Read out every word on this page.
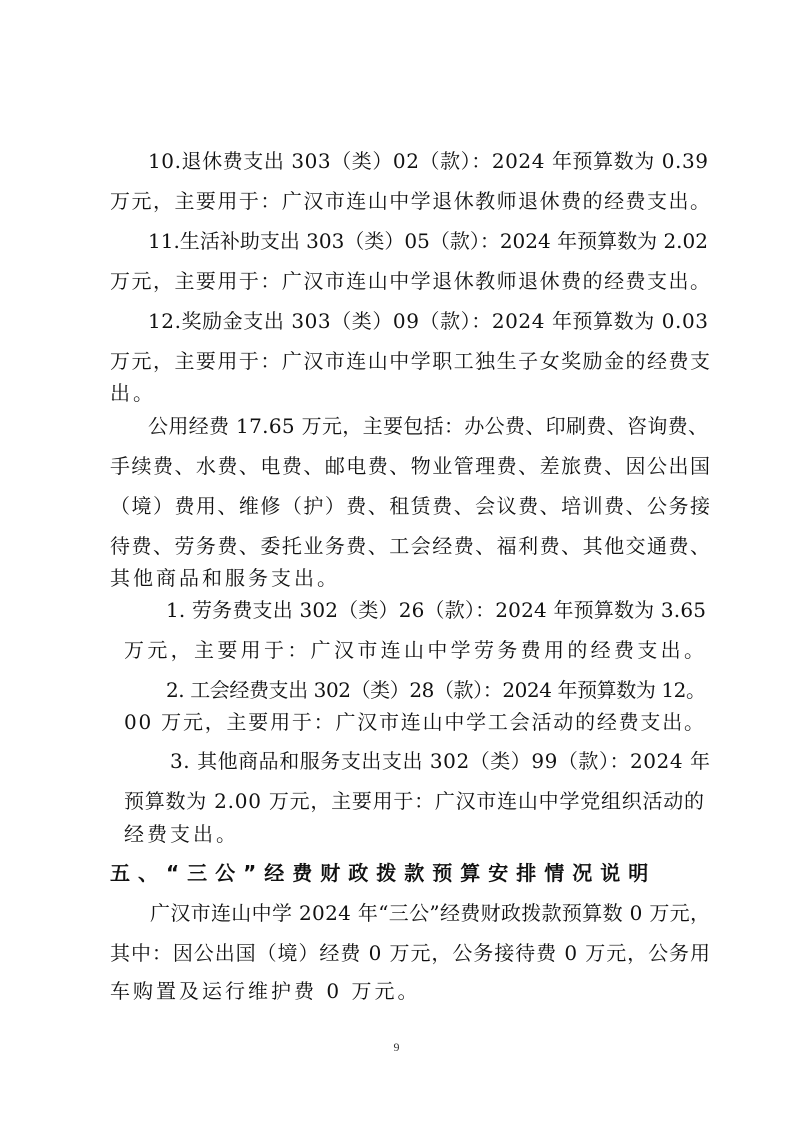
10.退休费支出 303（类）02（款）：2024 年预算数为 0.39

万元，主要用于：广汉市连山中学退休教师退休费的经费支出。

11.生活补助支出 303（类）05（款）：2024 年预算数为 2.02

万元，主要用于：广汉市连山中学退休教师退休费的经费支出。

12.奖励金支出 303（类）09（款）：2024 年预算数为 0.03

万元，主要用于：广汉市连山中学职工独生子女奖励金的经费支

出。

公用经费 17.65 万元，主要包括：办公费、印刷费、咨询费、

手续费、水费、电费、邮电费、物业管理费、差旅费、因公出国

（境）费用、维修（护）费、租赁费、会议费、培训费、公务接

待费、劳务费、委托业务费、工会经费、福利费、其他交通费、

其他商品和服务支出。

1. 劳务费支出 302（类）26（款）：2024 年预算数为 3.65

万元，主要用于：广汉市连山中学劳务费用的经费支出。

2. 工会经费支出 302（类）28（款）：2024 年预算数为 12。

00 万元，主要用于：广汉市连山中学工会活动的经费支出。

3. 其他商品和服务支出支出 302（类）99（款）：2024 年

预算数为 2.00 万元，主要用于：广汉市连山中学党组织活动的

经费支出。

五、“三公”经费财政拨款预算安排情况说明

广汉市连山中学 2024 年“三公”经费财政拨款预算数 0 万元，

其中：因公出国（境）经费 0 万元，公务接待费 0 万元，公务用

车购置及运行维护费 0 万元。

9
